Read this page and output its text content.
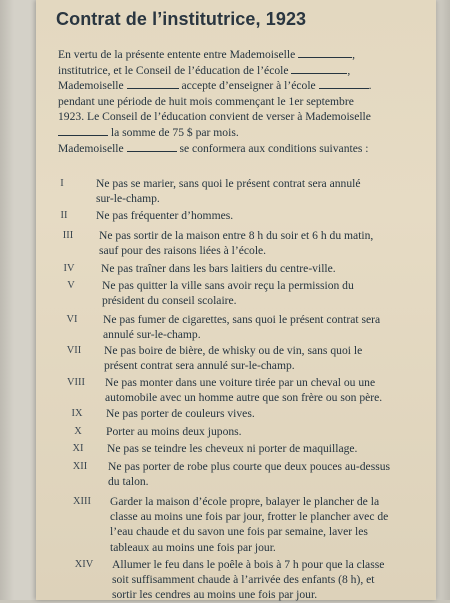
Contrat de l’institutrice, 1923
En vertu de la présente entente entre Mademoiselle	,
institutrice, et le Conseil de l’éducation de l’école	,
Mademoiselle	accepte d’enseigner à l’école	.
pendant une période de huit mois commençant le 1er septembre
1923. Le Conseil de l’éducation convient de verser à Mademoiselle
la somme de 75 $ par mois.
Mademoiselle	se conformera aux conditions suivantes :
I	Ne pas se marier, sans quoi le présent contrat sera annulé
sur-le-champ.
II	Ne pas fréquenter d’hommes.
III	Ne pas sortir de la maison entre 8 h du soir et 6 h du matin,
sauf pour des raisons liées à l’école.
IV	Ne pas traîner dans les bars laitiers du centre-ville.
V	Ne pas quitter la ville sans avoir reçu la permission du
président du conseil scolaire.
VI	Ne pas fumer de cigarettes, sans quoi le présent contrat sera
annulé sur-le-champ.
VII	Ne pas boire de bière, de whisky ou de vin, sans quoi le
présent contrat sera annulé sur-le-champ.
VIII	Ne pas monter dans une voiture tirée par un cheval ou une
automobile avec un homme autre que son frère ou son père.
IX	Ne pas porter de couleurs vives.
X	Porter au moins deux jupons.
XI	Ne pas se teindre les cheveux ni porter de maquillage.
XII	Ne pas porter de robe plus courte que deux pouces au-dessus
du talon.
XIII	Garder la maison d’école propre, balayer le plancher de la
classe au moins une fois par jour, frotter le plancher avec de
l’eau chaude et du savon une fois par semaine, laver les
tableaux au moins une fois par jour.
XIV	Allumer le feu dans le poêle à bois à 7 h pour que la classe
soit suffisamment chaude à l’arrivée des enfants (8 h), et
sortir les cendres au moins une fois par jour.
